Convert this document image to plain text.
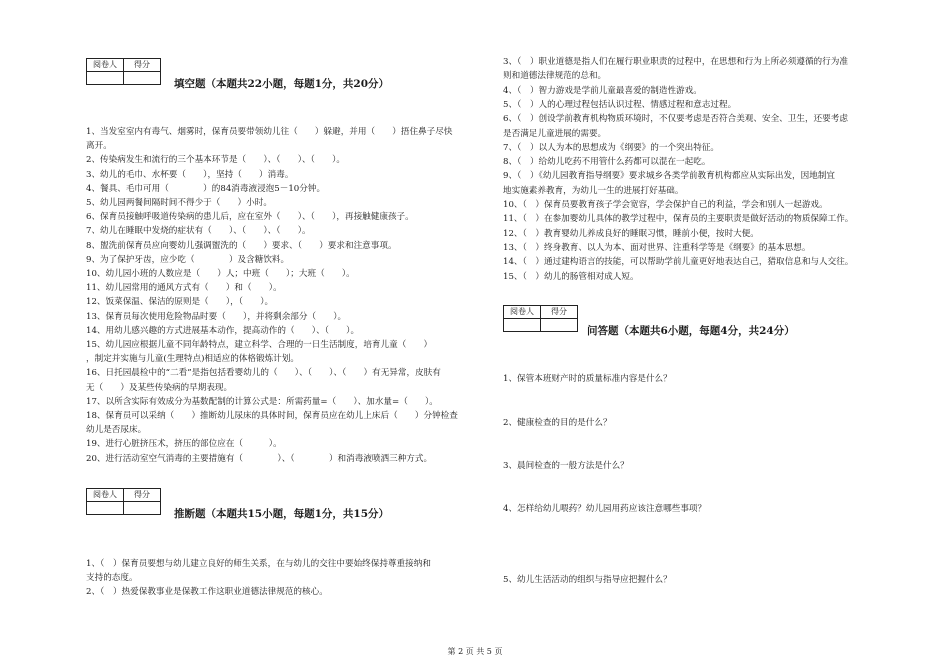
阅卷人	得分

填空题（本题共22小题，每题1分，共20分）
1、当发室室内有毒气、烟雾时，保育员要带领幼儿往（　　）躲避，并用（　　）捂住鼻子尽快
离开。
2、传染病发生和流行的三个基本环节是（　　）、（　　）、（　　）。
3、幼儿的毛巾、水杯要（　　），坚持（　　）消毒。
4、餐具、毛巾可用（　　　　）的84消毒液浸泡5－10分钟。
5、幼儿园两餐间隔时间不得少于（　　）小时。
6、保育员接触呼吸道传染病的患儿后，应在室外（　　）、（　　），再接触健康孩子。
7、幼儿在睡眠中发烧的症状有（　　）、（　　）、（　　）。
8、盥洗前保育员应向婴幼儿强调盥洗的（　　）要求、（　　）要求和注意事项。
9、为了保护牙齿，应少吃（　　　　）及含糖饮料。
10、幼儿园小班的人数应是（　　）人；中班（　　）；大班（　　）。
11、幼儿园常用的通风方式有（　　）和（　　）。
12、饭菜保温、保洁的原则是（　　），（　　）。
13、保育员每次使用危险物品时要（　　），并将剩余部分（　　）。
14、用幼儿感兴趣的方式进展基本动作，提高动作的（　　）、（　　）。
15、幼儿园应根据儿童不同年龄特点，建立科学、合理的一日生活制度，培育儿童（　　）
，制定并实施与儿童(生理特点)相适应的体格锻炼计划。
16、日托园晨检中的“二看”是指包括看婴幼儿的（　　）、（　　）、（　　）有无异常，皮肤有
无（　　）及某些传染病的早期表现。
17、以所含实际有效成分为基数配制的计算公式是：所需药量=（　　）、加水量=（　　）。
18、保育员可以采纳（　　）推断幼儿尿床的具体时间，保育员应在幼儿上床后（　　）分钟检查
幼儿是否尿床。
19、进行心脏挤压术，挤压的部位应在（　　　）。
20、进行活动室空气消毒的主要措施有（　　　　）、（　　　　）和消毒液喷洒三种方式。
阅卷人	得分

推断题（本题共15小题，每题1分，共15分）
1、（　）保育员要想与幼儿建立良好的师生关系，在与幼儿的交往中要始终保持尊重接纳和
支持的态度。
2、（　）热爱保教事业是保教工作这职业道德法律规范的核心。
3、（　）职业道德是指人们在履行职业职责的过程中，在思想和行为上所必须遵循的行为准
则和道德法律规范的总和。
4、（　）智力游戏是学前儿童最喜爱的制造性游戏。
5、（　）人的心理过程包括认识过程、情感过程和意志过程。
6、（　）创设学前教育机构物质环境时，不仅要考虑是否符合美观、安全、卫生，还要考虑
是否满足儿童进展的需要。
7、（　）以人为本的思想成为《纲要》的一个突出特征。
8、（　）给幼儿吃药不用管什么药都可以混在一起吃。
9、（　）《幼儿园教育指导纲要》要求城乡各类学前教育机构都应从实际出发，因地制宜
地实施素养教育，为幼儿一生的进展打好基础。
10、（　）保育员要教育孩子学会宽容，学会保护自己的利益，学会和别人一起游戏。
11、（　）在参加婴幼儿具体的教学过程中，保育员的主要职责是做好活动的物质保障工作。
12、（　）教育婴幼儿养成良好的睡眠习惯，睡前小便，按时大便。
13、（　）终身教育、以人为本、面对世界、注重科学等是《纲要》的基本思想。
14、（　）通过建构语言的技能，可以帮助学前儿童更好地表达自己，猎取信息和与人交往。
15、（　）幼儿的肠管相对成人短。
阅卷人	得分

问答题（本题共6小题，每题4分，共24分）
1、保管本班财产时的质量标准内容是什么？
2、健康检查的目的是什么？
3、晨间检查的一般方法是什么？
4、怎样给幼儿喂药？幼儿园用药应该注意哪些事项？
5、幼儿生活活动的组织与指导应把握什么？
第 2 页 共 5 页
